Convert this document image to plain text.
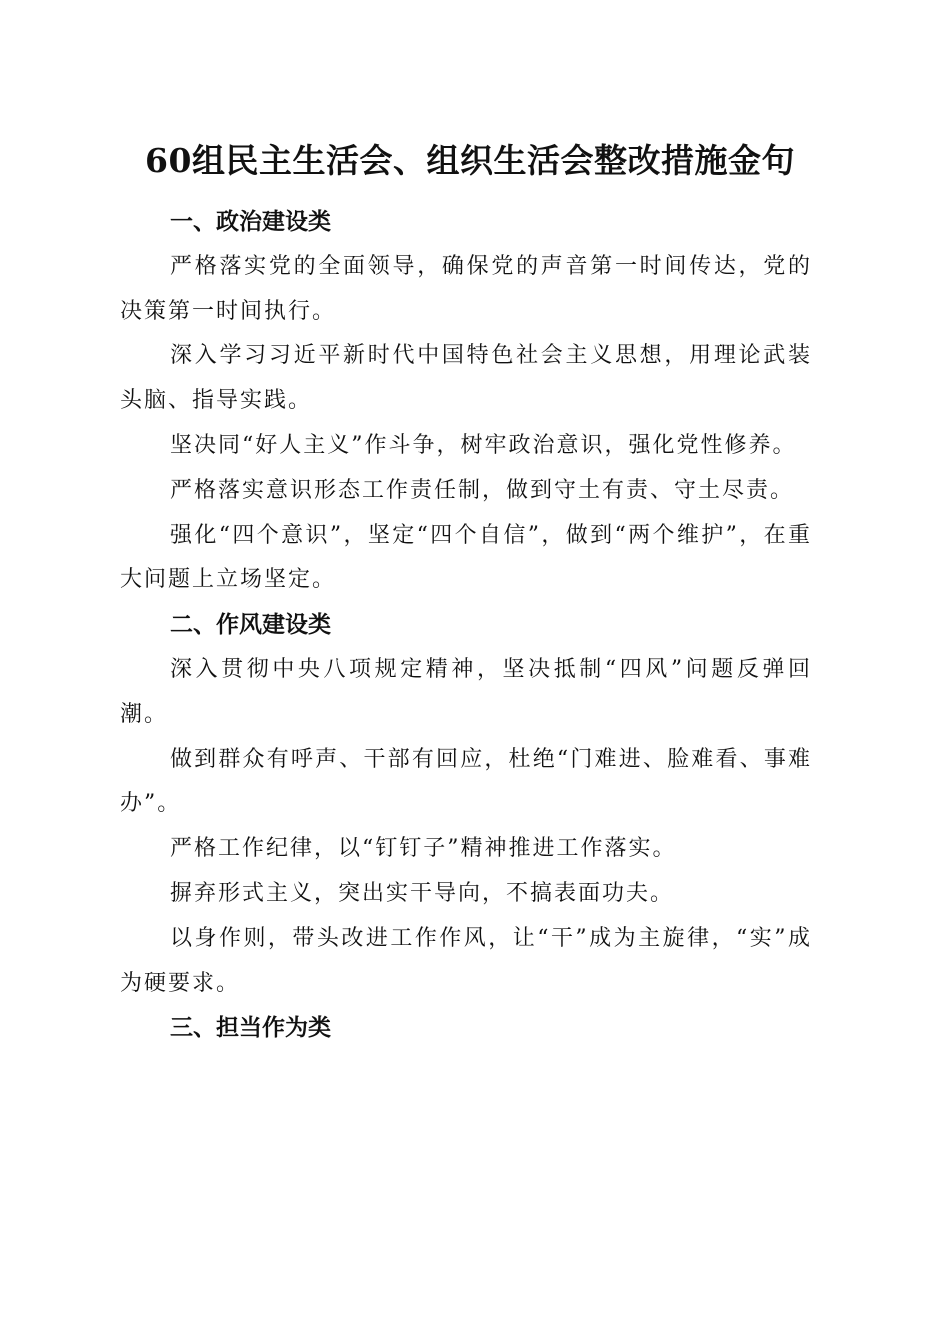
60组民主生活会、组织生活会整改措施金句
一、政治建设类

严格落实党的全面领导，确保党的声音第一时间传达，党的决策第一时间执行。

深入学习习近平新时代中国特色社会主义思想，用理论武装头脑、指导实践。

坚决同“好人主义”作斗争，树牢政治意识，强化党性修养。

严格落实意识形态工作责任制，做到守土有责、守土尽责。

强化“四个意识”，坚定“四个自信”，做到“两个维护”，在重大问题上立场坚定。

二、作风建设类

深入贯彻中央八项规定精神，坚决抵制“四风”问题反弹回潮。

做到群众有呼声、干部有回应，杜绝“门难进、脸难看、事难办”。

严格工作纪律，以“钉钉子”精神推进工作落实。

摒弃形式主义，突出实干导向，不搞表面功夫。

以身作则，带头改进工作作风，让“干”成为主旋律，“实”成为硬要求。

三、担当作为类
